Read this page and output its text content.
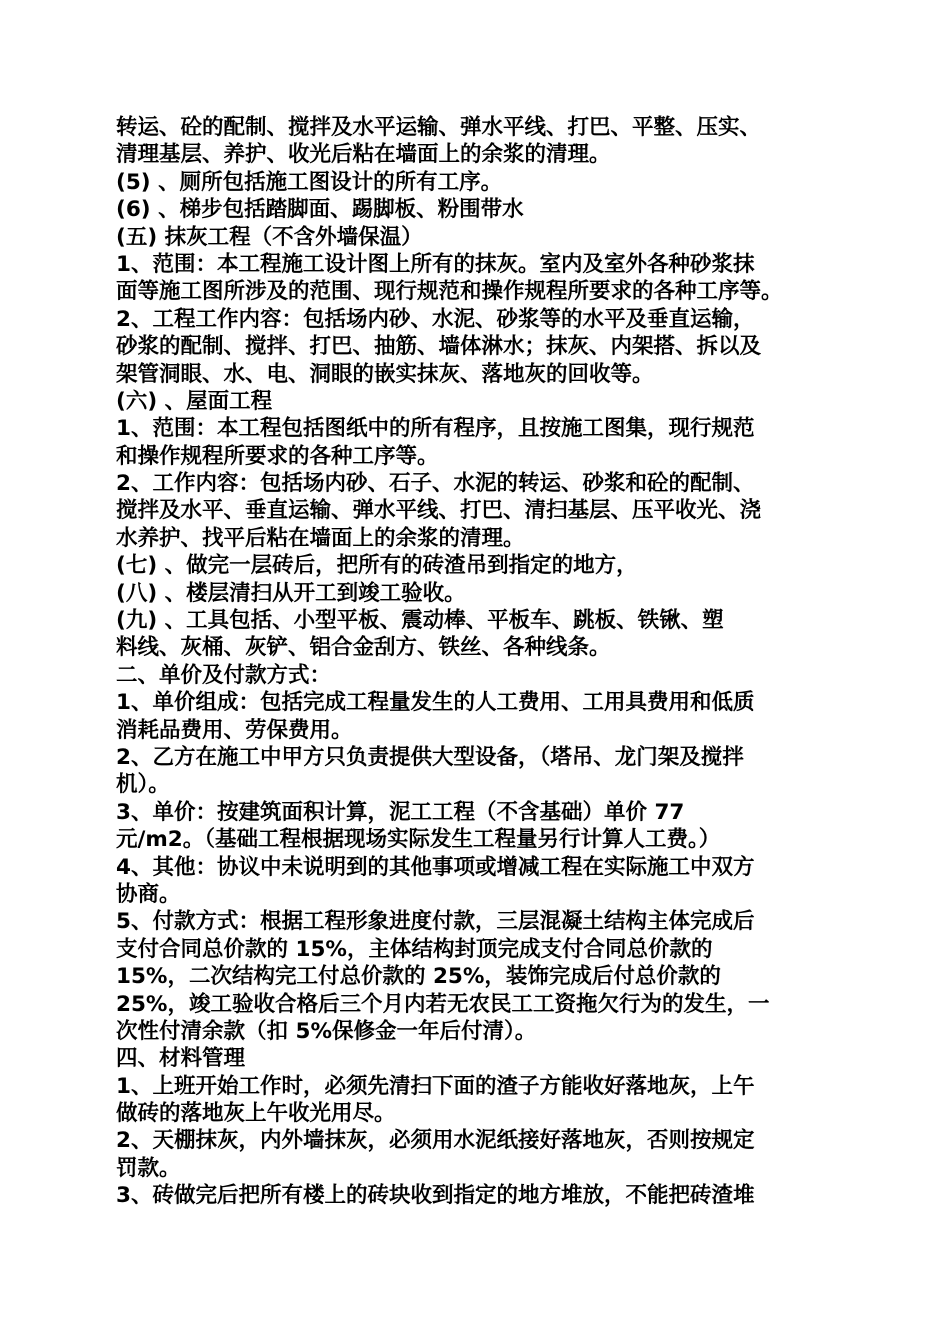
转运、砼的配制、搅拌及水平运输、弹水平线、打巴、平整、压实、
清理基层、养护、收光后粘在墙面上的余浆的清理。
(5) 、厕所包括施工图设计的所有工序。
(6) 、梯步包括踏脚面、踢脚板、粉围带水
(五) 抹灰工程（不含外墙保温）
1、范围：本工程施工设计图上所有的抹灰。室内及室外各种砂浆抹
面等施工图所涉及的范围、现行规范和操作规程所要求的各种工序等。
2、工程工作内容：包括场内砂、水泥、砂浆等的水平及垂直运输，
砂浆的配制、搅拌、打巴、抽筋、墙体淋水；抹灰、内架搭、拆以及
架管洞眼、水、电、洞眼的嵌实抹灰、落地灰的回收等。
(六) 、屋面工程
1、范围：本工程包括图纸中的所有程序，且按施工图集，现行规范
和操作规程所要求的各种工序等。
2、工作内容：包括场内砂、石子、水泥的转运、砂浆和砼的配制、
搅拌及水平、垂直运输、弹水平线、打巴、清扫基层、压平收光、浇
水养护、找平后粘在墙面上的余浆的清理。
(七) 、做完一层砖后，把所有的砖渣吊到指定的地方，
(八) 、楼层清扫从开工到竣工验收。
(九) 、工具包括、小型平板、震动棒、平板车、跳板、铁锹、塑
料线、灰桶、灰铲、铝合金刮方、铁丝、各种线条。
二、单价及付款方式：
1、单价组成：包括完成工程量发生的人工费用、工用具费用和低质
消耗品费用、劳保费用。
2、乙方在施工中甲方只负责提供大型设备，（塔吊、龙门架及搅拌
机）。
3、单价：按建筑面积计算，泥工工程（不含基础）单价 77
元/m2。（基础工程根据现场实际发生工程量另行计算人工费。）
4、其他：协议中未说明到的其他事项或增减工程在实际施工中双方
协商。
5、付款方式：根据工程形象进度付款，三层混凝土结构主体完成后
支付合同总价款的 15%，主体结构封顶完成支付合同总价款的
15%，二次结构完工付总价款的 25%，装饰完成后付总价款的
25%，竣工验收合格后三个月内若无农民工工资拖欠行为的发生，一
次性付清余款（扣 5%保修金一年后付清）。
四、材料管理
1、上班开始工作时，必须先清扫下面的渣子方能收好落地灰，上午
做砖的落地灰上午收光用尽。
2、天棚抹灰，内外墙抹灰，必须用水泥纸接好落地灰，否则按规定
罚款。
3、砖做完后把所有楼上的砖块收到指定的地方堆放，不能把砖渣堆
